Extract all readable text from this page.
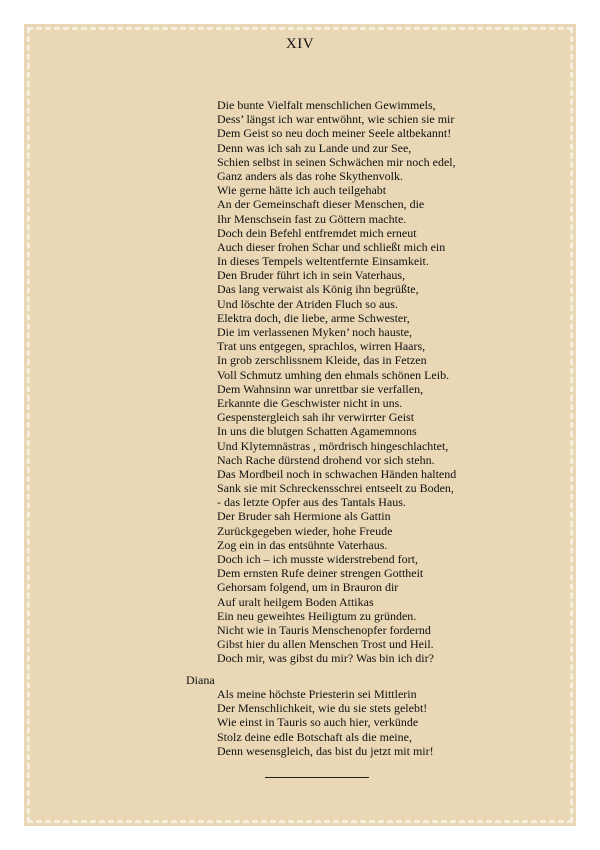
XIV
Die bunte Vielfalt menschlichen Gewimmels,
Dess’ längst ich war entwöhnt, wie schien sie mir
Dem Geist so neu doch meiner Seele altbekannt!
Denn was ich sah zu Lande und zur See,
Schien selbst in seinen Schwächen mir noch edel,
Ganz anders als das rohe Skythenvolk.
Wie gerne hätte ich auch teilgehabt
An der Gemeinschaft dieser Menschen, die
Ihr Menschsein fast zu Göttern machte.
Doch dein Befehl entfremdet mich erneut
Auch dieser frohen Schar und schließt mich ein
In dieses Tempels weltentfernte Einsamkeit.
Den Bruder führt ich in sein Vaterhaus,
Das lang verwaist als König ihn begrüßte,
Und löschte der Atriden Fluch so aus.
Elektra doch, die liebe, arme Schwester,
Die im verlassenen Myken’ noch hauste,
Trat uns entgegen, sprachlos, wirren Haars,
In grob zerschlissnem Kleide, das in Fetzen
Voll Schmutz umhing den ehmals schönen Leib.
Dem Wahnsinn war unrettbar sie verfallen,
Erkannte die Geschwister nicht in uns.
Gespenstergleich sah ihr verwirrter Geist
In uns die blutgen Schatten Agamemnons
Und Klytemnästras , mördrisch hingeschlachtet,
Nach Rache dürstend drohend vor sich stehn.
Das Mordbeil noch in schwachen Händen haltend
Sank sie mit Schreckensschrei entseelt zu Boden,
- das letzte Opfer aus des Tantals Haus.
Der Bruder sah Hermione als Gattin
Zurückgegeben wieder, hohe Freude
Zog ein in das entsühnte Vaterhaus.
Doch ich – ich musste widerstrebend fort,
Dem ernsten Rufe deiner strengen Gottheit
Gehorsam folgend, um in Brauron dir
Auf uralt heilgem Boden Attikas
Ein neu geweihtes Heiligtum zu gründen.
Nicht wie in Tauris Menschenopfer fordernd
Gibst hier du allen Menschen Trost und Heil.
Doch mir, was gibst du mir? Was bin ich dir?
Diana
Als meine höchste Priesterin sei Mittlerin
Der Menschlichkeit, wie du sie stets gelebt!
Wie einst in Tauris so auch hier, verkünde
Stolz deine edle Botschaft als die meine,
Denn wesensgleich, das bist du jetzt mit mir!
